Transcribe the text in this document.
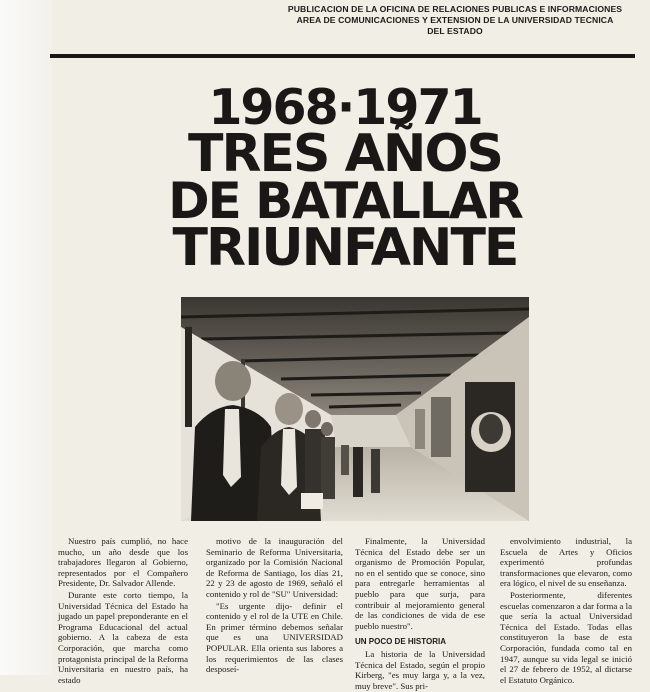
PUBLICACION DE LA OFICINA DE RELACIONES PUBLICAS E INFORMACIONES
AREA DE COMUNICACIONES Y EXTENSION DE LA UNIVERSIDAD TECNICA
DEL ESTADO
1968·1971
TRES AÑOS
DE BATALLAR
TRIUNFANTE

Nuestro país cumplió, no hace mucho, un año desde que los trabajadores llegaron al Gobierno, representados por el Compañero Presidente, Dr. Salvador Allende.

Durante este corto tiempo, la Universidad Técnica del Estado ha jugado un papel preponderante en el Programa Educacional del actual gobierno. A la cabeza de esta Corporación, que marcha como protagonista principal de la Reforma Universitaria en nuestro país, ha estado

motivo de la inauguración del Seminario de Reforma Universitaria, organizado por la Comisión Nacional de Reforma de Santiago, los días 21, 22 y 23 de agosto de 1969, señaló el contenido y rol de "SU" Universidad:

"Es urgente dijo- definir el contenido y el rol de la UTE en Chile. En primer término debemos señalar que es una UNIVERSIDAD POPULAR. Ella orienta sus labores a los requerimientos de las clases desposeí-

Finalmente, la Universidad Técnica del Estado debe ser un organismo de Promoción Popular, no en el sentido que se conoce, sino para entregarle herramientas al pueblo para que surja, para contribuir al mejoramiento general de las condiciones de vida de ese pueblo nuestro".

UN POCO DE HISTORIA

La historia de la Universidad Técnica del Estado, según el propio Kirberg, "es muy larga y, a la vez, muy breve". Sus pri-

envolvimiento industrial, la Escuela de Artes y Oficios experimentó profundas transformaciones que elevaron, como era lógico, el nivel de su enseñanza.

Posteriormente, diferentes escuelas comenzaron a dar forma a la que sería la actual Universidad Técnica del Estado. Todas ellas constituyeron la base de esta Corporación, fundada como tal en 1947, aunque su vida legal se inició el 27 de febrero de 1952, al dictarse el Estatuto Orgánico.
